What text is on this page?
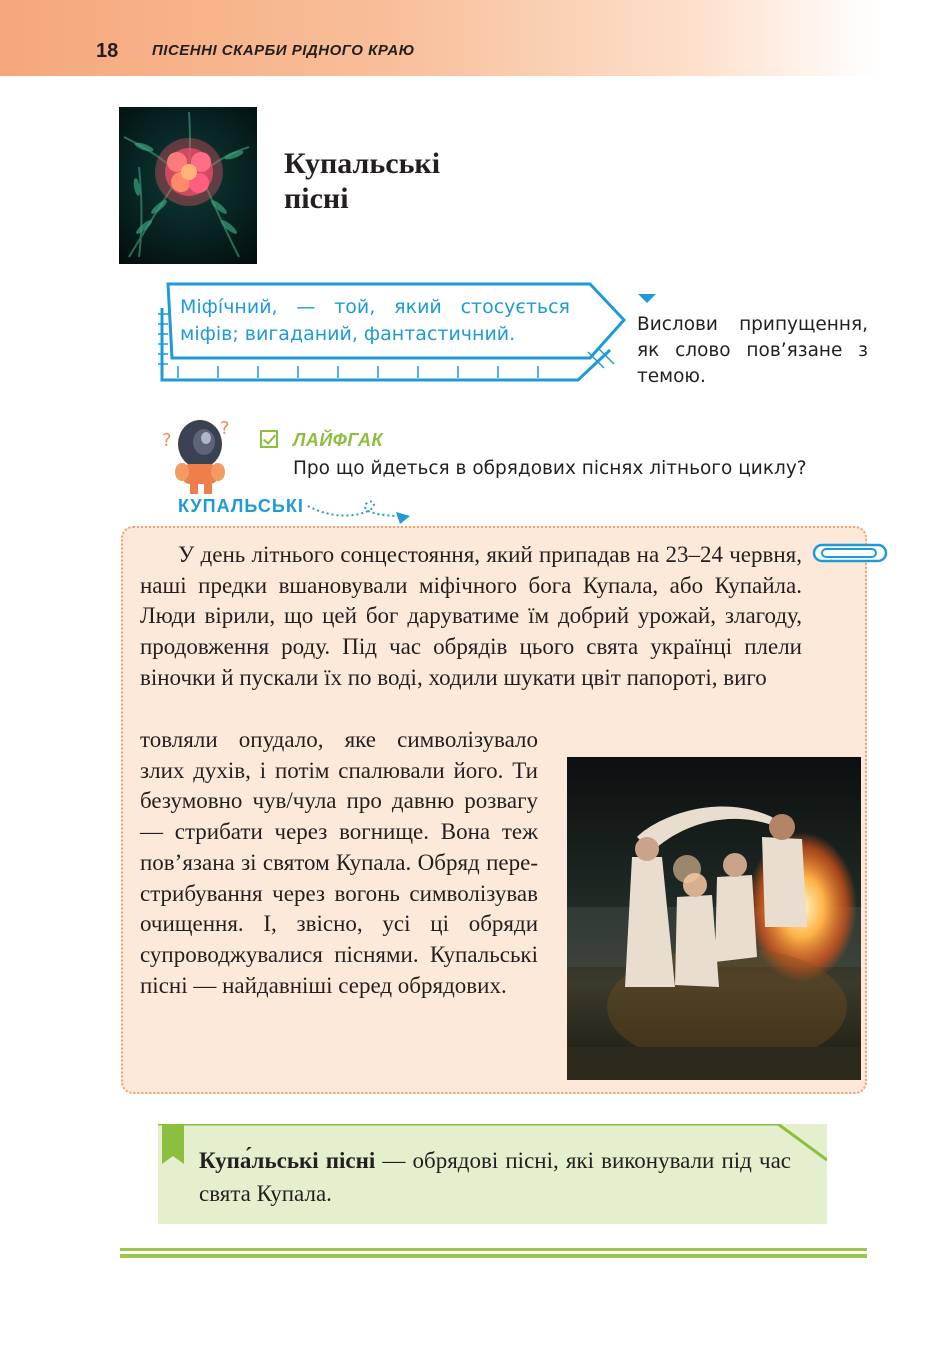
18 ПІСЕННІ СКАРБИ РІДНОГО КРАЮ
Купальські
пісні
Міфі́чний, — той, який стосується міфів; вигаданий, фантастичний.	Вислови припущення, як слово пов’язане з темою.
?
?
ЛАЙФГАК
Про що йдеться в обрядових піснях літнього циклу?
КУПАЛЬСЬКІ

У день літнього сонцестояння, який припадав на 23–24 червня, наші предки вшановували міфічного бога Купала, або Купайла. Люди вірили, що цей бог даруватиме їм добрий урожай, злагоду, продовження роду. Під час обрядів цього свята українці плели віночки й пускали їх по воді, ходили шукати цвіт папороті, виго

товляли опудало, яке символізувало злих духів, і потім спалювали його. Ти безумовно чув/чула про давню розвагу — стрибати через вогнище. Вона теж пов’язана зі святом Купала. Обряд перестрибування через вогонь символізував очищення. І, звісно, усі ці обряди супроводжувалися піснями. Купальські пісні — найдавніші серед обрядових.

Купа́льські пісні — обрядові пісні, які виконували під час свята Купала.
